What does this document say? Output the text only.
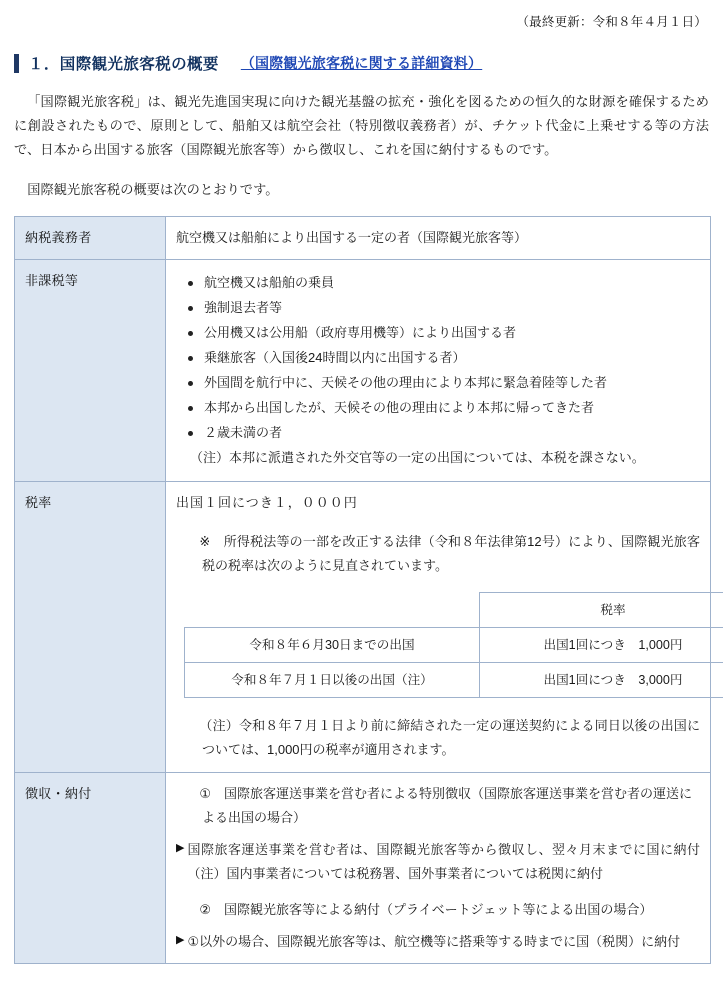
（最終更新：令和８年４月１日）
１．国際観光旅客税の概要 （国際観光旅客税に関する詳細資料）

「国際観光旅客税」は、観光先進国実現に向けた観光基盤の拡充・強化を図るための恒久的な財源を確保するために創設されたもので、原則として、船舶又は航空会社（特別徴収義務者）が、チケット代金に上乗せする等の方法で、日本から出国する旅客（国際観光旅客等）から徴収し、これを国に納付するものです。

国際観光旅客税の概要は次のとおりです。

納税義務者	航空機又は船舶により出国する一定の者（国際観光旅客等）
非課税等	航空機又は船舶の乗員
強制退去者等
公用機又は公用船（政府専用機等）により出国する者
乗継旅客（入国後24時間以内に出国する者）
外国間を航行中に、天候その他の理由により本邦に緊急着陸等した者
本邦から出国したが、天候その他の理由により本邦に帰ってきた者
２歳未満の者
（注）本邦に派遣された外交官等の一定の出国については、本税を課さない。

税率	出国１回につき１，０００円
※　所得税法等の一部を改正する法律（令和８年法律第12号）により、国際観光旅客税の税率は次のように見直されています。
	税率
令和８年６月30日までの出国	出国1回につき　1,000円
令和８年７月１日以後の出国（注）	出国1回につき　3,000円
（注）令和８年７月１日より前に締結された一定の運送契約による同日以後の出国については、1,000円の税率が適用されます。

徴収・納付	①　国際旅客運送事業を営む者による特別徴収（国際旅客運送事業を営む者の運送による出国の場合）
▶ 国際旅客運送事業を営む者は、国際観光旅客等から徴収し、翌々月末までに国に納付　（注）国内事業者については税務署、国外事業者については税関に納付
②　国際観光旅客等による納付（プライベートジェット等による出国の場合）
▶ ①以外の場合、国際観光旅客等は、航空機等に搭乗等する時までに国（税関）に納付
